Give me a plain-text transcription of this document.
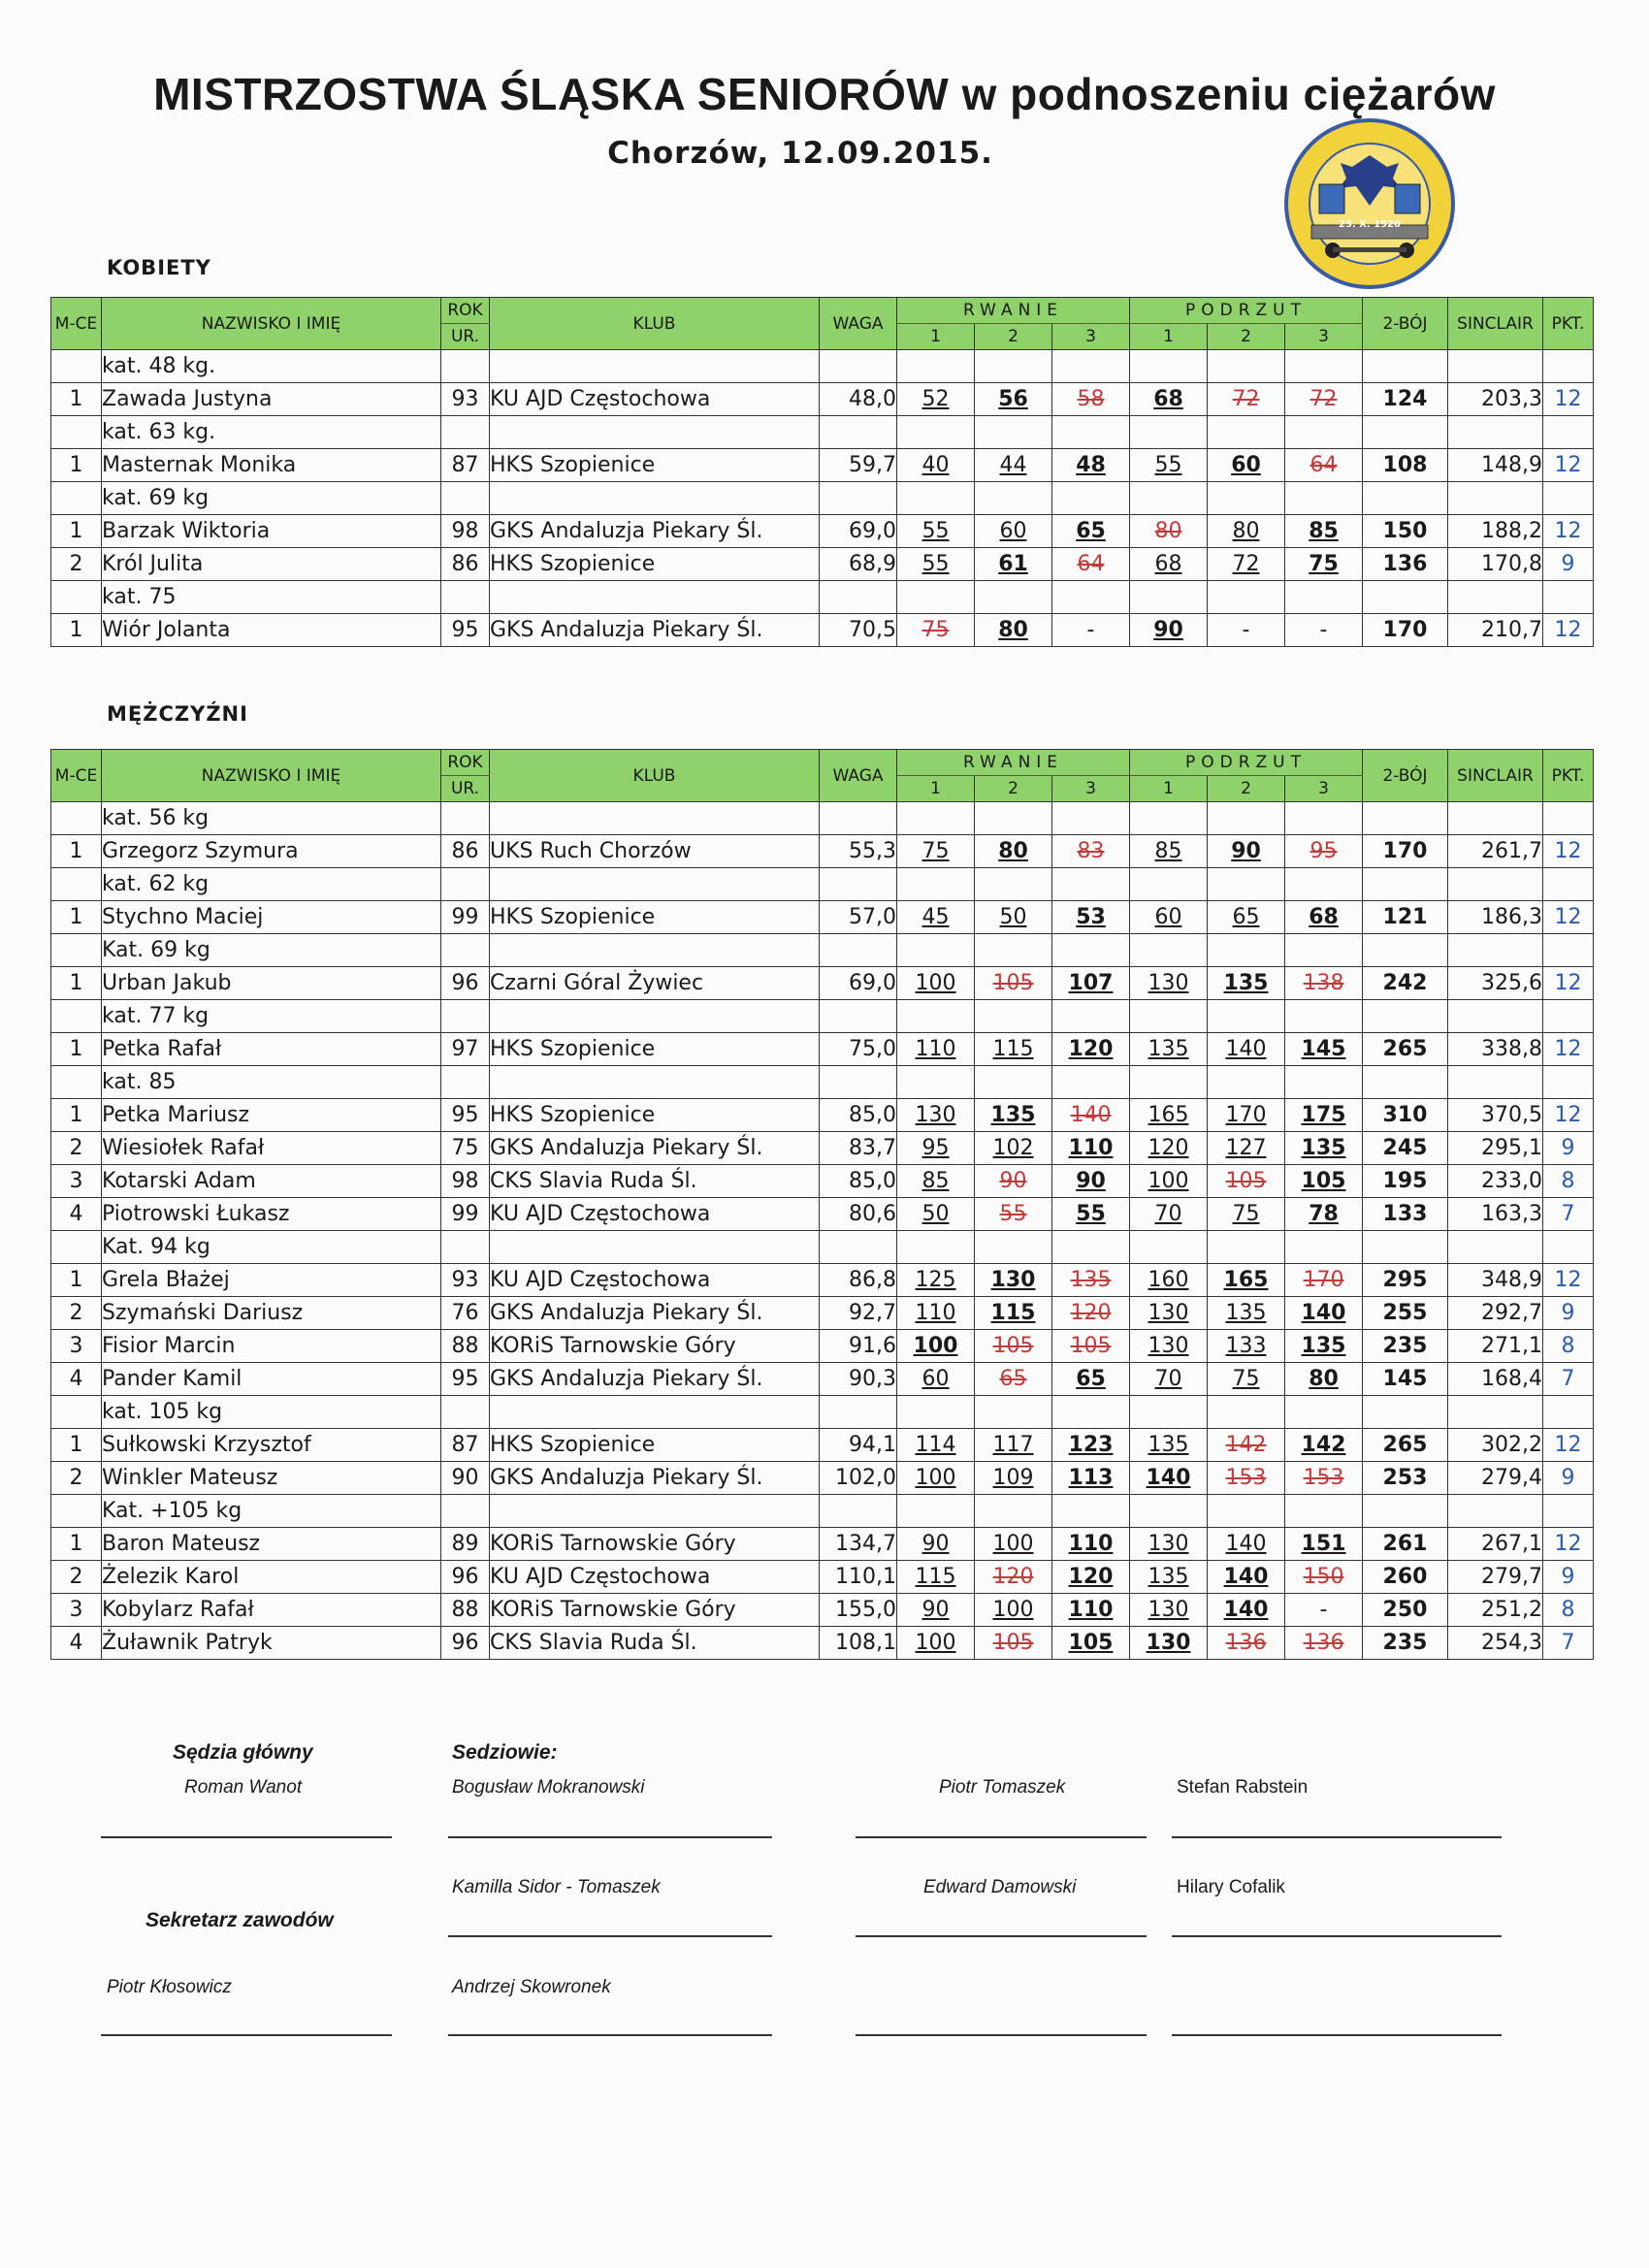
MISTRZOSTWA ŚLĄSKA SENIORÓW w podnoszeniu ciężarów
Chorzów, 12.09.2015.
23. X. 1920
KOBIETY
M-CE	NAZWISKO I IMIĘ	ROK	KLUB	WAGA	RWANIE			PODRZUT			2-BÓJ	SINCLAIR	PKT.
		UR.			1	2	3	1	2	3			
	kat. 48 kg.												
1	Zawada Justyna	93	KU AJD Częstochowa	48,0	52	56	58	68	72	72	124	203,3	12
	kat. 63 kg.												
1	Masternak Monika	87	HKS Szopienice	59,7	40	44	48	55	60	64	108	148,9	12
	kat. 69 kg												
1	Barzak Wiktoria	98	GKS Andaluzja Piekary Śl.	69,0	55	60	65	80	80	85	150	188,2	12
2	Król Julita	86	HKS Szopienice	68,9	55	61	64	68	72	75	136	170,8	9
	kat. 75												
1	Wiór Jolanta	95	GKS Andaluzja Piekary Śl.	70,5	75	80	-	90	-	-	170	210,7	12
MĘŻCZYŹNI
M-CE	NAZWISKO I IMIĘ	ROK	KLUB	WAGA	RWANIE			PODRZUT			2-BÓJ	SINCLAIR	PKT.
		UR.			1	2	3	1	2	3			
	kat. 56 kg												
1	Grzegorz Szymura	86	UKS Ruch Chorzów	55,3	75	80	83	85	90	95	170	261,7	12
	kat. 62 kg												
1	Stychno Maciej	99	HKS Szopienice	57,0	45	50	53	60	65	68	121	186,3	12
	Kat. 69 kg												
1	Urban Jakub	96	Czarni Góral Żywiec	69,0	100	105	107	130	135	138	242	325,6	12
	kat. 77 kg												
1	Petka Rafał	97	HKS Szopienice	75,0	110	115	120	135	140	145	265	338,8	12
	kat. 85												
1	Petka Mariusz	95	HKS Szopienice	85,0	130	135	140	165	170	175	310	370,5	12
2	Wiesiołek Rafał	75	GKS Andaluzja Piekary Śl.	83,7	95	102	110	120	127	135	245	295,1	9
3	Kotarski Adam	98	CKS Slavia Ruda Śl.	85,0	85	90	90	100	105	105	195	233,0	8
4	Piotrowski Łukasz	99	KU AJD Częstochowa	80,6	50	55	55	70	75	78	133	163,3	7
	Kat. 94 kg												
1	Grela Błażej	93	KU AJD Częstochowa	86,8	125	130	135	160	165	170	295	348,9	12
2	Szymański Dariusz	76	GKS Andaluzja Piekary Śl.	92,7	110	115	120	130	135	140	255	292,7	9
3	Fisior Marcin	88	KORiS Tarnowskie Góry	91,6	100	105	105	130	133	135	235	271,1	8
4	Pander Kamil	95	GKS Andaluzja Piekary Śl.	90,3	60	65	65	70	75	80	145	168,4	7
	kat. 105 kg												
1	Sułkowski Krzysztof	87	HKS Szopienice	94,1	114	117	123	135	142	142	265	302,2	12
2	Winkler Mateusz	90	GKS Andaluzja Piekary Śl.	102,0	100	109	113	140	153	153	253	279,4	9
	Kat. +105 kg												
1	Baron Mateusz	89	KORiS Tarnowskie Góry	134,7	90	100	110	130	140	151	261	267,1	12
2	Żelezik Karol	96	KU AJD Częstochowa	110,1	115	120	120	135	140	150	260	279,7	9
3	Kobylarz Rafał	88	KORiS Tarnowskie Góry	155,0	90	100	110	130	140	-	250	251,2	8
4	Żuławnik Patryk	96	CKS Slavia Ruda Śl.	108,1	100	105	105	130	136	136	235	254,3	7
Sędzia główny
Roman Wanot
Sedziowie:
Bogusław Mokranowski	Piotr Tomaszek	Stefan Rabstein
Kamilla Sidor - Tomaszek	Edward Damowski	Hilary Cofalik
Sekretarz zawodów
Piotr Kłosowicz	Andrzej Skowronek
